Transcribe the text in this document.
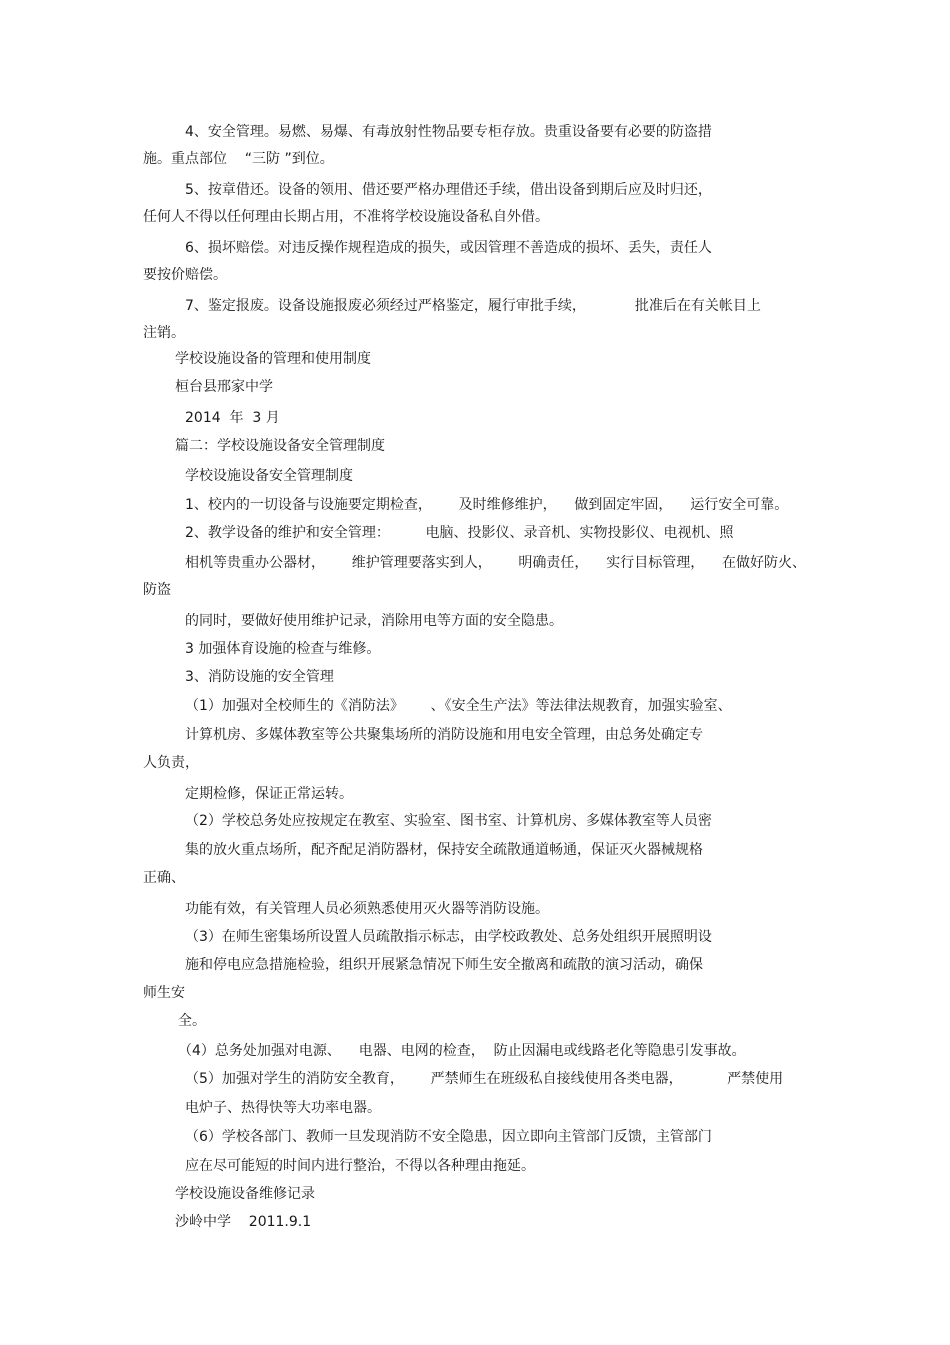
4、安全管理。易燃、易爆、有毒放射性物品要专柜存放。贵重设备要有必要的防盗措
施。重点部位    “三防 ”到位。
5、按章借还。设备的领用、借还要严格办理借还手续，借出设备到期后应及时归还，
任何人不得以任何理由长期占用，不准将学校设施设备私自外借。
6、损坏赔偿。对违反操作规程造成的损失，或因管理不善造成的损坏、丢失，责任人
要按价赔偿。
7、鉴定报废。设备设施报废必须经过严格鉴定，履行审批手续，           批准后在有关帐目上
注销。
学校设施设备的管理和使用制度
桓台县邢家中学
2014  年  3 月
篇二：学校设施设备安全管理制度
学校设施设备安全管理制度
1、校内的一切设备与设施要定期检查，      及时维修维护，    做到固定牢固，    运行安全可靠。
2、教学设备的维护和安全管理：        电脑、投影仪、录音机、实物投影仪、电视机、照
相机等贵重办公器材，      维护管理要落实到人，      明确责任，    实行目标管理，    在做好防火、
防盗
的同时，要做好使用维护记录，消除用电等方面的安全隐患。
3 加强体育设施的检查与维修。
3、消防设施的安全管理
（1）加强对全校师生的《消防法》      、《安全生产法》等法律法规教育，加强实验室、
计算机房、多媒体教室等公共聚集场所的消防设施和用电安全管理，由总务处确定专
人负责，
定期检修，保证正常运转。
（2）学校总务处应按规定在教室、实验室、图书室、计算机房、多媒体教室等人员密
集的放火重点场所，配齐配足消防器材，保持安全疏散通道畅通，保证灭火器械规格
正确、
功能有效，有关管理人员必须熟悉使用灭火器等消防设施。
（3）在师生密集场所设置人员疏散指示标志，由学校政教处、总务处组织开展照明设
施和停电应急措施检验，组织开展紧急情况下师生安全撤离和疏散的演习活动，确保
师生安
全。
（4）总务处加强对电源、    电器、电网的检查，  防止因漏电或线路老化等隐患引发事故。
（5）加强对学生的消防安全教育，      严禁师生在班级私自接线使用各类电器，          严禁使用
电炉子、热得快等大功率电器。
（6）学校各部门、教师一旦发现消防不安全隐患，因立即向主管部门反馈，主管部门
应在尽可能短的时间内进行整治，不得以各种理由拖延。
学校设施设备维修记录
沙岭中学    2011.9.1
